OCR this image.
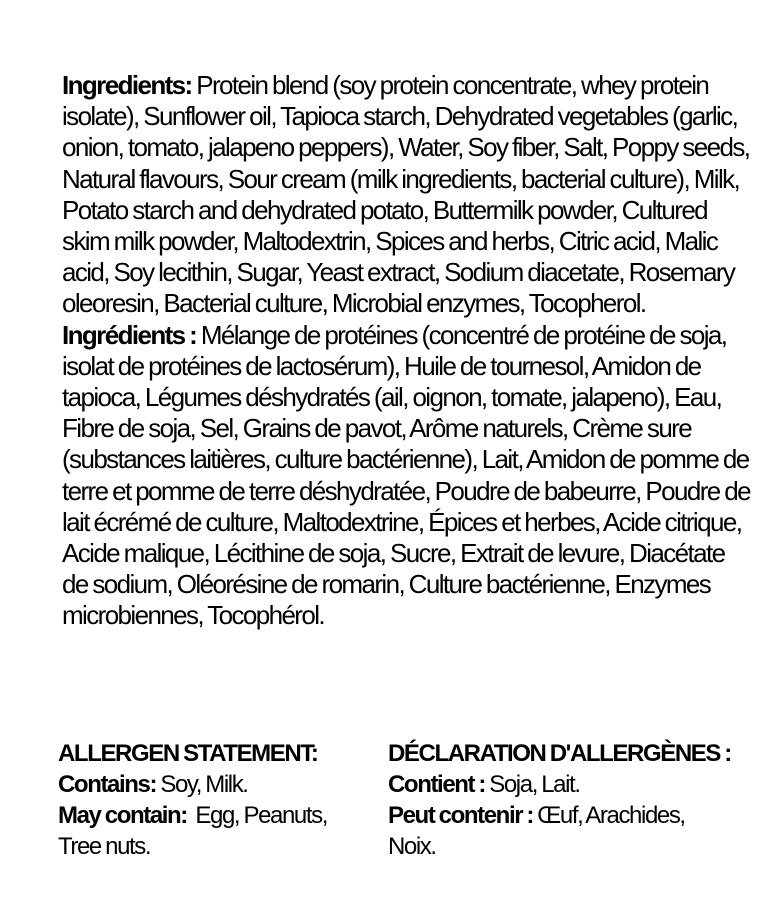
Ingredients: Protein blend (soy protein concentrate, whey protein isolate), Sunflower oil, Tapioca starch, Dehydrated vegetables (garlic, onion, tomato, jalapeno peppers), Water, Soy fiber, Salt, Poppy seeds, Natural flavours, Sour cream (milk ingredients, bacterial culture), Milk, Potato starch and dehydrated potato, Buttermilk powder, Cultured skim milk powder, Maltodextrin, Spices and herbs, Citric acid, Malic acid, Soy lecithin, Sugar, Yeast extract, Sodium diacetate, Rosemary oleoresin, Bacterial culture, Microbial enzymes, Tocopherol.

Ingrédients : Mélange de protéines (concentré de protéine de soja, isolat de protéines de lactosérum), Huile de tournesol, Amidon de tapioca, Légumes déshydratés (ail, oignon, tomate, jalapeno), Eau, Fibre de soja, Sel, Grains de pavot, Arôme naturels, Crème sure (substances laitières, culture bactérienne), Lait, Amidon de pomme de terre et pomme de terre déshydratée, Poudre de babeurre, Poudre de lait écrémé de culture, Maltodextrine, Épices et herbes, Acide citrique, Acide malique, Lécithine de soja, Sucre, Extrait de levure, Diacétate de sodium, Oléorésine de romarin, Culture bactérienne, Enzymes microbiennes, Tocophérol.

ALLERGEN STATEMENT:
Contains: Soy, Milk.
May contain:  Egg, Peanuts,
Tree nuts.
DÉCLARATION D'ALLERGÈNES :
Contient : Soja, Lait.
Peut contenir : Œuf, Arachides,
Noix.
